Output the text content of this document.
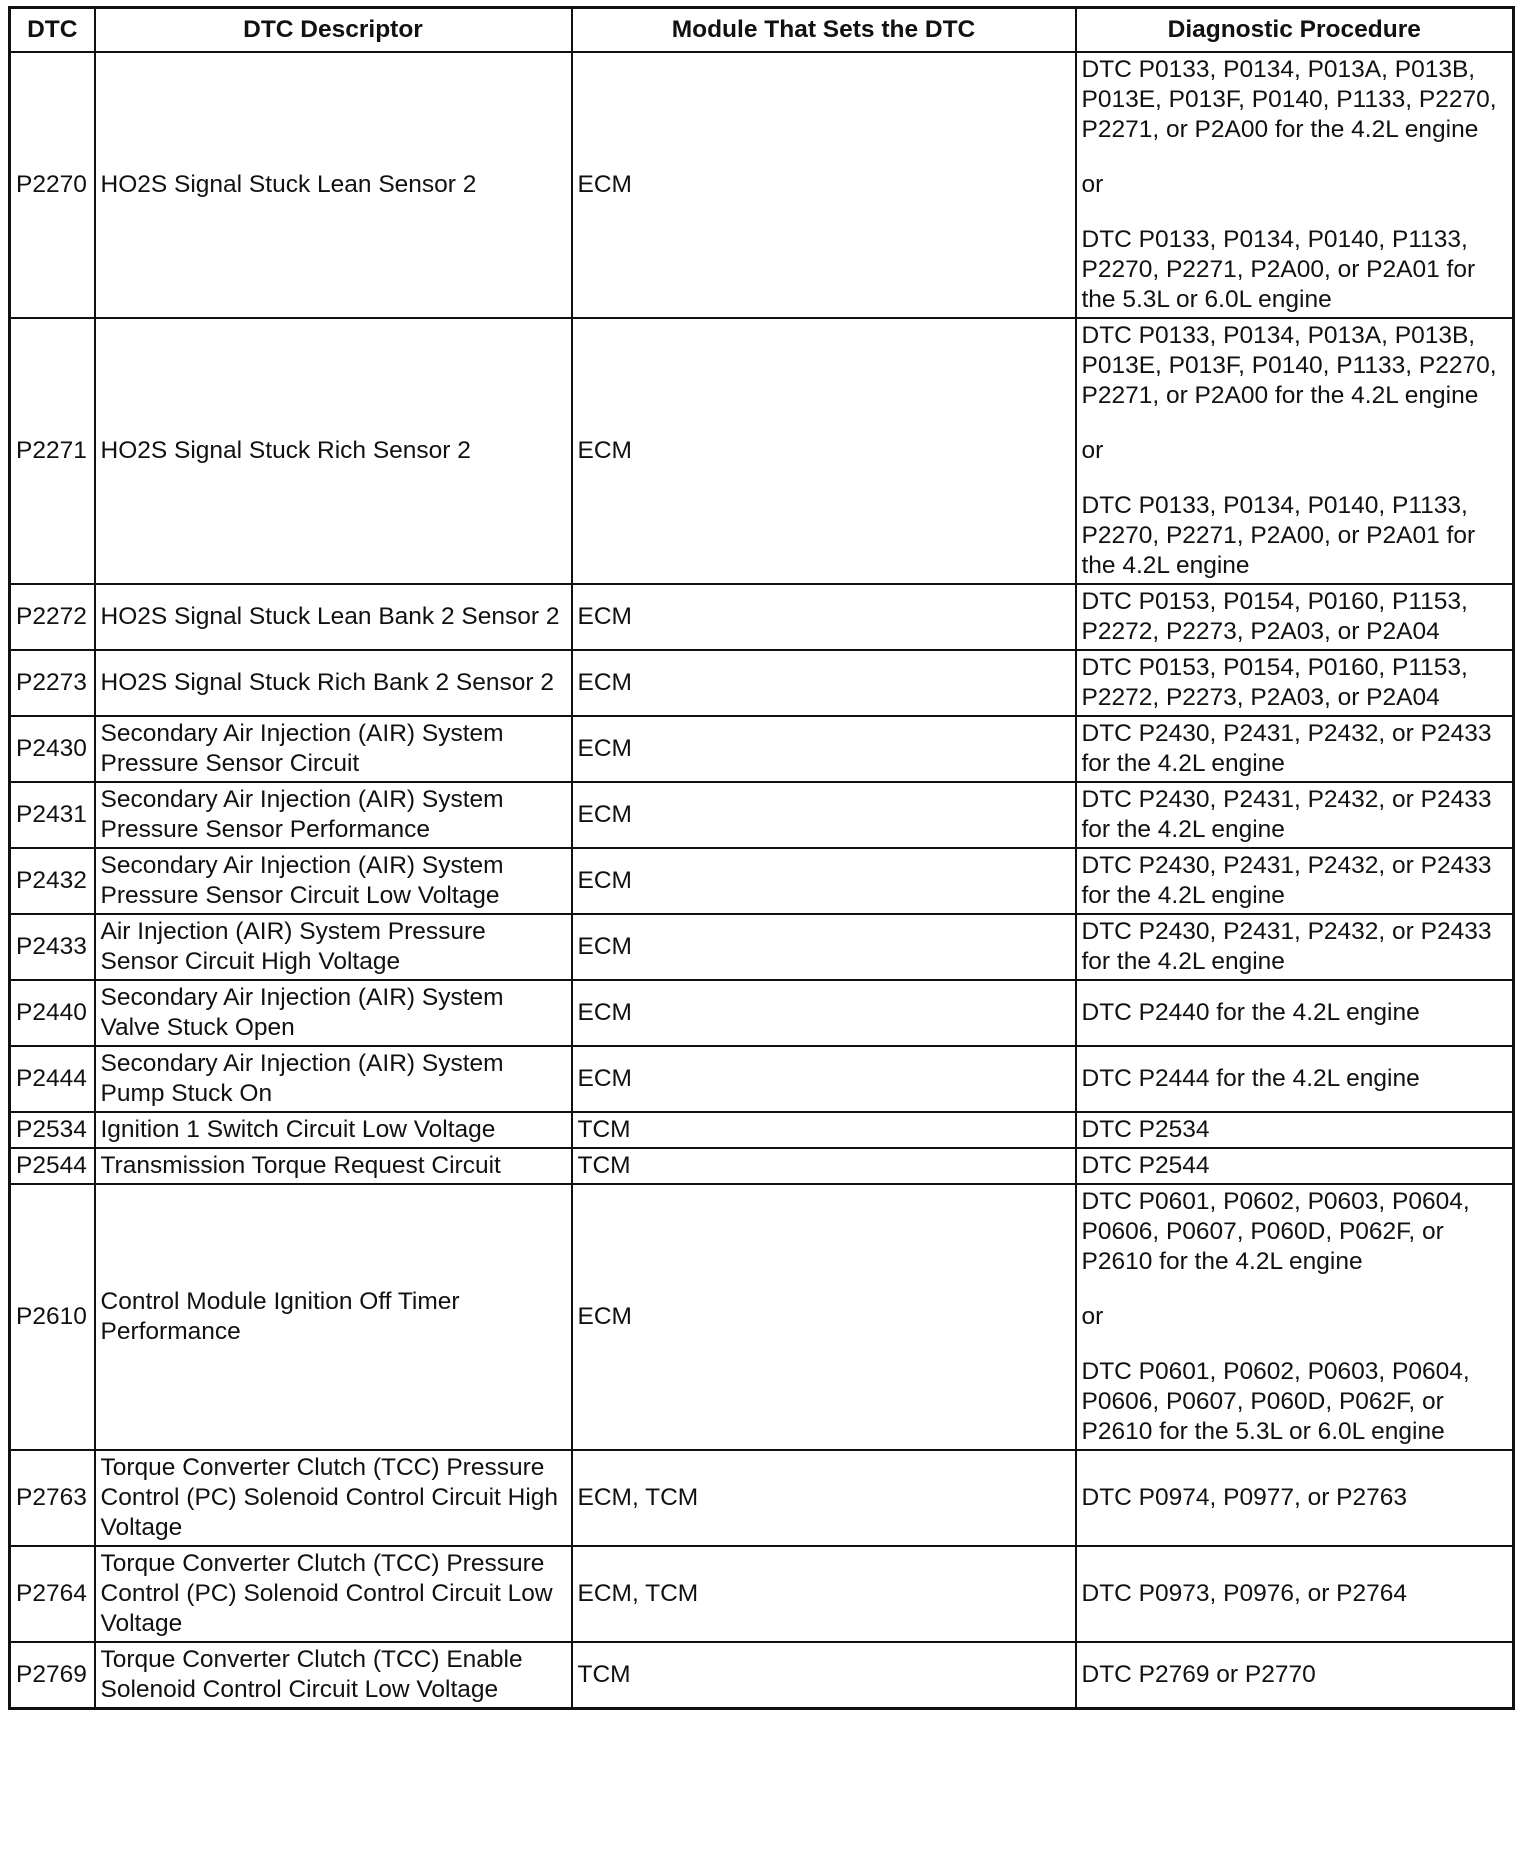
DTC	DTC Descriptor	Module That Sets the DTC	Diagnostic Procedure
P2270	HO2S Signal Stuck Lean Sensor 2	ECM	DTC P0133, P0134, P013A, P013B, P013E, P013F, P0140, P1133, P2270, P2271, or P2A00 for the 4.2L engine
or
DTC P0133, P0134, P0140, P1133, P2270, P2271, P2A00, or P2A01 for the 5.3L or 6.0L engine

P2271	HO2S Signal Stuck Rich Sensor 2	ECM	DTC P0133, P0134, P013A, P013B, P013E, P013F, P0140, P1133, P2270, P2271, or P2A00 for the 4.2L engine
or
DTC P0133, P0134, P0140, P1133, P2270, P2271, P2A00, or P2A01 for the 4.2L engine

P2272	HO2S Signal Stuck Lean Bank 2 Sensor 2	ECM	DTC P0153, P0154, P0160, P1153, P2272, P2273, P2A03, or P2A04

P2273	HO2S Signal Stuck Rich Bank 2 Sensor 2	ECM	DTC P0153, P0154, P0160, P1153, P2272, P2273, P2A03, or P2A04

P2430	Secondary Air Injection (AIR) System Pressure Sensor Circuit	ECM	DTC P2430, P2431, P2432, or P2433 for the 4.2L engine

P2431	Secondary Air Injection (AIR) System Pressure Sensor Performance	ECM	DTC P2430, P2431, P2432, or P2433 for the 4.2L engine

P2432	Secondary Air Injection (AIR) System Pressure Sensor Circuit Low Voltage	ECM	DTC P2430, P2431, P2432, or P2433 for the 4.2L engine

P2433	Air Injection (AIR) System Pressure Sensor Circuit High Voltage	ECM	DTC P2430, P2431, P2432, or P2433 for the 4.2L engine

P2440	Secondary Air Injection (AIR) System Valve Stuck Open	ECM	DTC P2440 for the 4.2L engine

P2444	Secondary Air Injection (AIR) System Pump Stuck On	ECM	DTC P2444 for the 4.2L engine

P2534	Ignition 1 Switch Circuit Low Voltage	TCM	DTC P2534

P2544	Transmission Torque Request Circuit	TCM	DTC P2544

P2610	Control Module Ignition Off Timer Performance	ECM	DTC P0601, P0602, P0603, P0604, P0606, P0607, P060D, P062F, or P2610 for the 4.2L engine
or
DTC P0601, P0602, P0603, P0604, P0606, P0607, P060D, P062F, or P2610 for the 5.3L or 6.0L engine

P2763	Torque Converter Clutch (TCC) Pressure Control (PC) Solenoid Control Circuit High Voltage	ECM, TCM	DTC P0974, P0977, or P2763

P2764	Torque Converter Clutch (TCC) Pressure Control (PC) Solenoid Control Circuit Low Voltage	ECM, TCM	DTC P0973, P0976, or P2764

P2769	Torque Converter Clutch (TCC) Enable Solenoid Control Circuit Low Voltage	TCM	DTC P2769 or P2770
